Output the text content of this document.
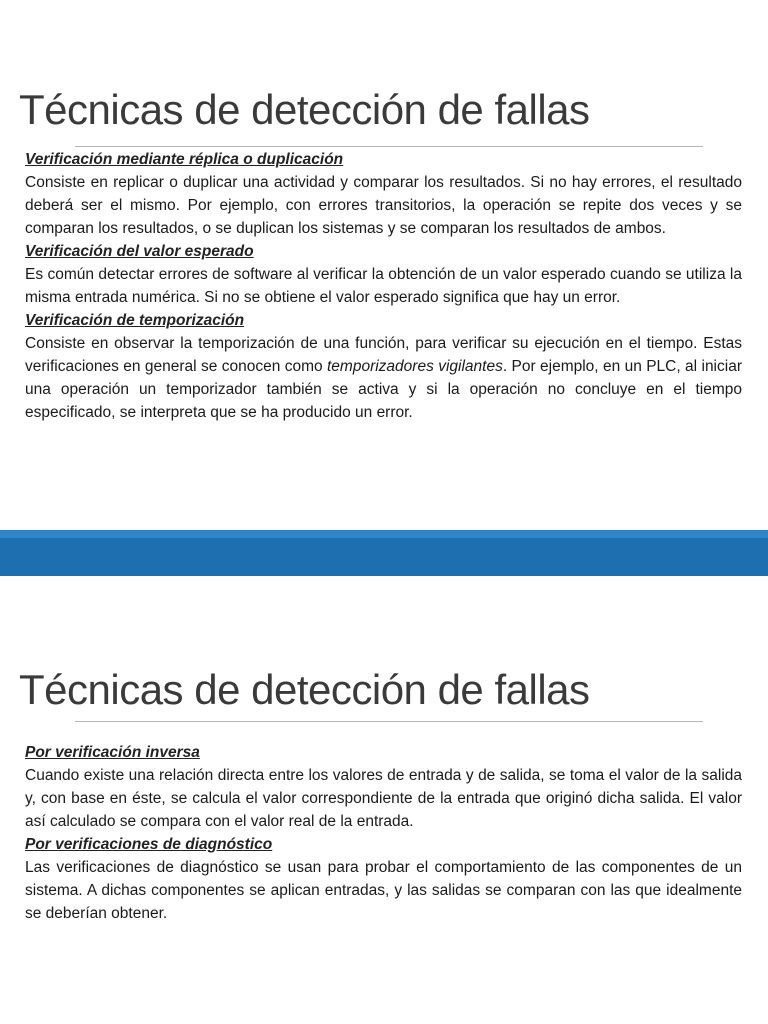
Técnicas de detección de fallas

Verificación mediante réplica o duplicación

Consiste en replicar o duplicar una actividad y comparar los resultados. Si no hay errores, el resultado deberá ser el mismo. Por ejemplo, con errores transitorios, la operación se repite dos veces y se comparan los resultados, o se duplican los sistemas y se comparan los resultados de ambos.

Verificación del valor esperado

Es común detectar errores de software al verificar la obtención de un valor esperado cuando se utiliza la misma entrada numérica. Si no se obtiene el valor esperado significa que hay un error.

Verificación de temporización

Consiste en observar la temporización de una función, para verificar su ejecución en el tiempo. Estas verificaciones en general se conocen como temporizadores vigilantes. Por ejemplo, en un PLC, al iniciar una operación un temporizador también se activa y si la operación no concluye en el tiempo especificado, se interpreta que se ha producido un error.

Técnicas de detección de fallas

Por verificación inversa

Cuando existe una relación directa entre los valores de entrada y de salida, se toma el valor de la salida y, con base en éste, se calcula el valor correspondiente de la entrada que originó dicha salida. El valor así calculado se compara con el valor real de la entrada.

Por verificaciones de diagnóstico

Las verificaciones de diagnóstico se usan para probar el comportamiento de las componentes de un sistema. A dichas componentes se aplican entradas, y las salidas se comparan con las que idealmente se deberían obtener.
